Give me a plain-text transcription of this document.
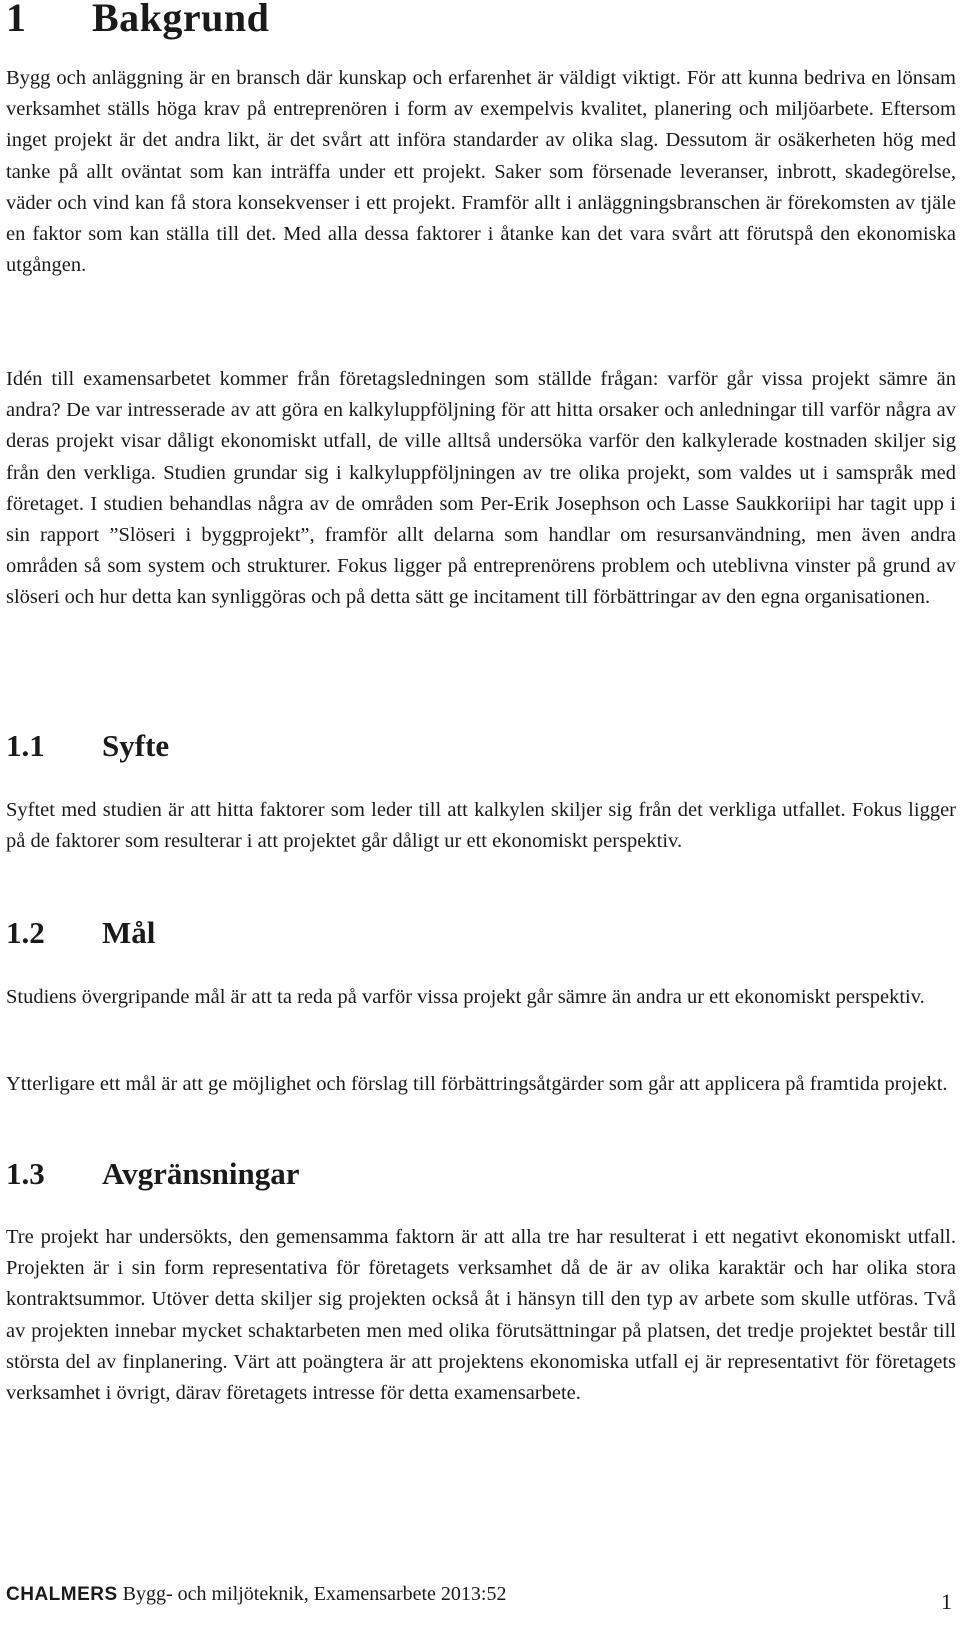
1 Bakgrund

Bygg och anläggning är en bransch där kunskap och erfarenhet är väldigt viktigt. För att kunna bedriva en lönsam verksamhet ställs höga krav på entreprenören i form av exempelvis kvalitet, planering och miljöarbete. Eftersom inget projekt är det andra likt, är det svårt att införa standarder av olika slag. Dessutom är osäkerheten hög med tanke på allt oväntat som kan inträffa under ett projekt. Saker som försenade leveranser, inbrott, skadegörelse, väder och vind kan få stora konsekvenser i ett projekt. Framför allt i anläggningsbranschen är förekomsten av tjäle en faktor som kan ställa till det. Med alla dessa faktorer i åtanke kan det vara svårt att förutspå den ekonomiska utgången.

Idén till examensarbetet kommer från företagsledningen som ställde frågan: varför går vissa projekt sämre än andra? De var intresserade av att göra en kalkyluppföljning för att hitta orsaker och anledningar till varför några av deras projekt visar dåligt ekonomiskt utfall, de ville alltså undersöka varför den kalkylerade kostnaden skiljer sig från den verkliga. Studien grundar sig i kalkyluppföljningen av tre olika projekt, som valdes ut i samspråk med företaget. I studien behandlas några av de områden som Per-Erik Josephson och Lasse Saukkoriipi har tagit upp i sin rapport ”Slöseri i byggprojekt”, framför allt delarna som handlar om resursanvändning, men även andra områden så som system och strukturer. Fokus ligger på entreprenörens problem och uteblivna vinster på grund av slöseri och hur detta kan synliggöras och på detta sätt ge incitament till förbättringar av den egna organisationen.

1.1 Syfte

Syftet med studien är att hitta faktorer som leder till att kalkylen skiljer sig från det verkliga utfallet. Fokus ligger på de faktorer som resulterar i att projektet går dåligt ur ett ekonomiskt perspektiv.

1.2 Mål

Studiens övergripande mål är att ta reda på varför vissa projekt går sämre än andra ur ett ekonomiskt perspektiv.

Ytterligare ett mål är att ge möjlighet och förslag till förbättringsåtgärder som går att applicera på framtida projekt.

1.3 Avgränsningar

Tre projekt har undersökts, den gemensamma faktorn är att alla tre har resulterat i ett negativt ekonomiskt utfall. Projekten är i sin form representativa för företagets verksamhet då de är av olika karaktär och har olika stora kontraktsummor. Utöver detta skiljer sig projekten också åt i hänsyn till den typ av arbete som skulle utföras. Två av projekten innebar mycket schaktarbeten men med olika förutsättningar på platsen, det tredje projektet består till största del av finplanering. Värt att poängtera är att projektens ekonomiska utfall ej är representativt för företagets verksamhet i övrigt, därav företagets intresse för detta examensarbete.

CHALMERS Bygg- och miljöteknik, Examensarbete 2013:52	1
